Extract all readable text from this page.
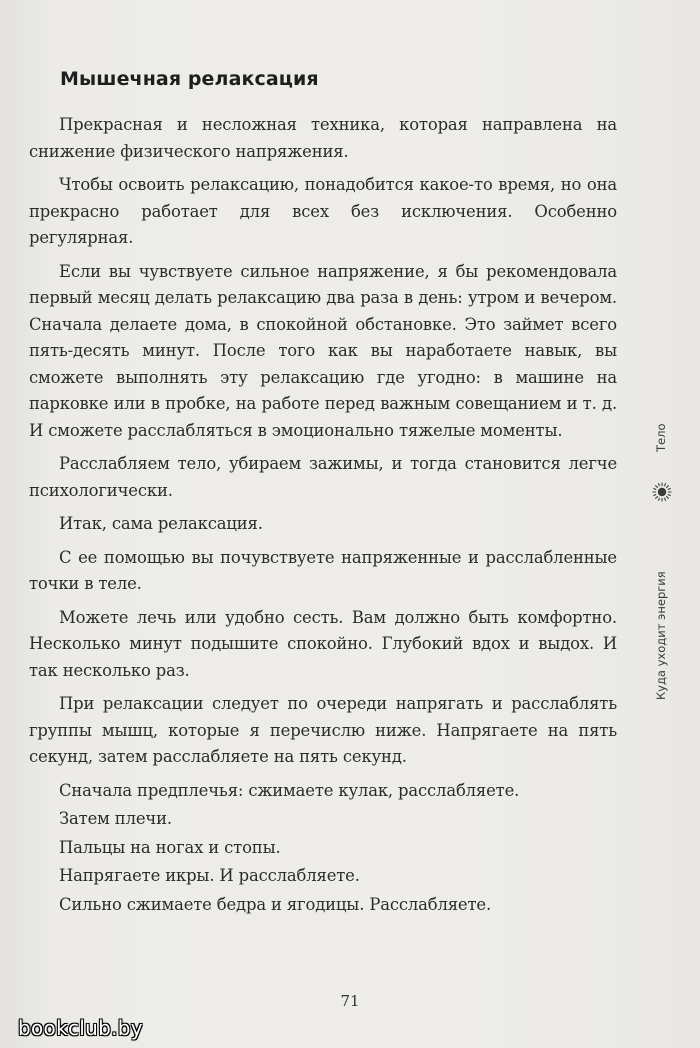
Мышечная релаксация

Прекрасная и несложная техника, которая направлена на снижение физического напряжения.

Чтобы освоить релаксацию, понадобится какое-то время, но она прекрасно работает для всех без исключения. Особенно регулярная.

Если вы чувствуете сильное напряжение, я бы рекомендовала первый месяц делать релаксацию два раза в день: утром и вечером. Сначала делаете дома, в спокойной обстановке. Это займет всего пять-десять минут. После того как вы наработаете навык, вы сможете выполнять эту релаксацию где угодно: в машине на парковке или в пробке, на работе перед важным совещанием и т. д. И сможете расслабляться в эмоционально тяжелые моменты.

Расслабляем тело, убираем зажимы, и тогда становится легче психологически.

Итак, сама релаксация.

С ее помощью вы почувствуете напряженные и расслабленные точки в теле.

Можете лечь или удобно сесть. Вам должно быть комфортно. Несколько минут подышите спокойно. Глубокий вдох и выдох. И так несколько раз.

При релаксации следует по очереди напрягать и расслаблять группы мышц, которые я перечислю ниже. Напрягаете на пять секунд, затем расслабляете на пять секунд.

Сначала предплечья: сжимаете кулак, расслабляете.

Затем плечи.

Пальцы на ногах и стопы.

Напрягаете икры. И расслабляете.

Сильно сжимаете бедра и ягодицы. Расслабляете.

Тело
Куда уходит энергия
71
bookclub.by
